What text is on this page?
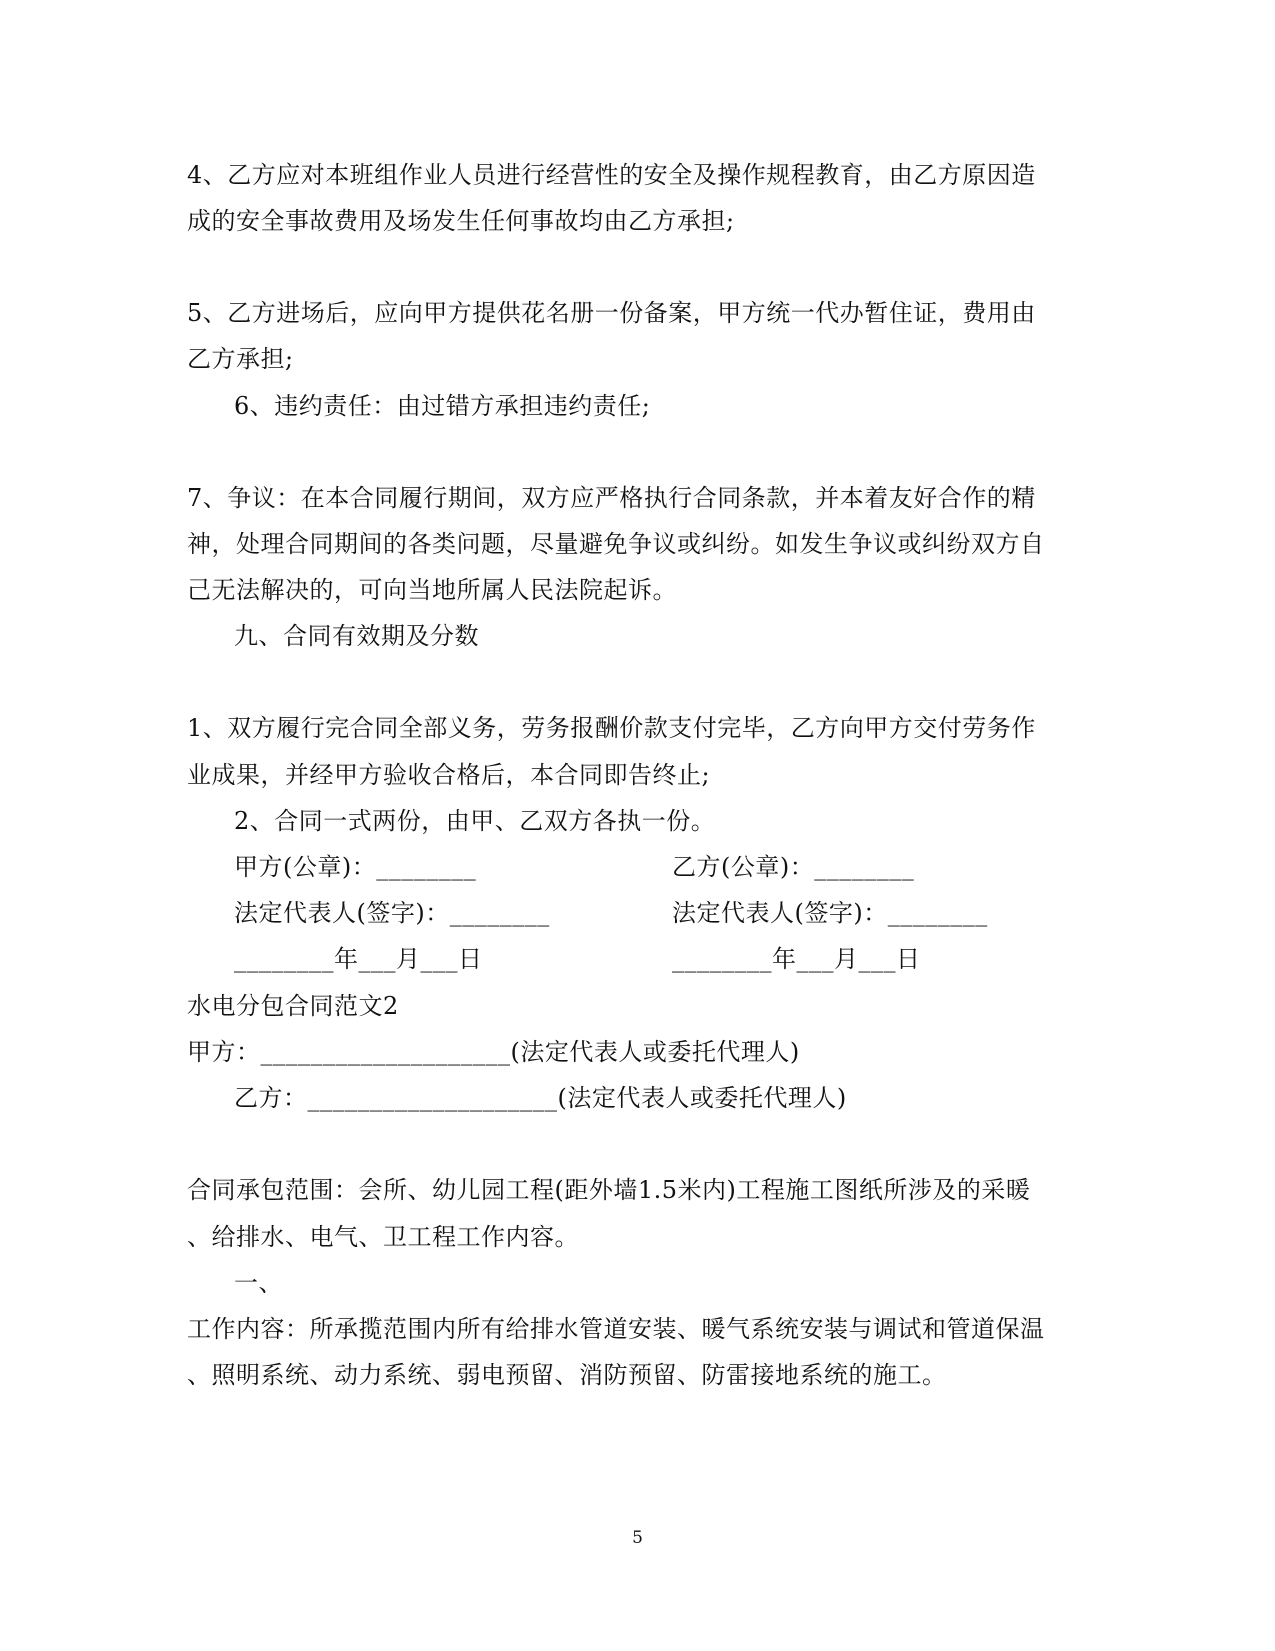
4、乙方应对本班组作业人员进行经营性的安全及操作规程教育，由乙方原因造
成的安全事故费用及场发生任何事故均由乙方承担;
5、乙方进场后，应向甲方提供花名册一份备案，甲方统一代办暂住证，费用由
乙方承担;
6、违约责任：由过错方承担违约责任;
7、争议：在本合同履行期间，双方应严格执行合同条款，并本着友好合作的精
神，处理合同期间的各类问题，尽量避免争议或纠纷。如发生争议或纠纷双方自
己无法解决的，可向当地所属人民法院起诉。
九、合同有效期及分数
1、双方履行完合同全部义务，劳务报酬价款支付完毕，乙方向甲方交付劳务作
业成果，并经甲方验收合格后，本合同即告终止;
2、合同一式两份，由甲、乙双方各执一份。
甲方(公章)：________	乙方(公章)：________
法定代表人(签字)：________	法定代表人(签字)：________
________年___月___日	________年___月___日
水电分包合同范文2
甲方：____________________(法定代表人或委托代理人)
乙方：____________________(法定代表人或委托代理人)
合同承包范围：会所、幼儿园工程(距外墙1.5米内)工程施工图纸所涉及的采暖
、给排水、电气、卫工程工作内容。
一、
工作内容：所承揽范围内所有给排水管道安装、暖气系统安装与调试和管道保温
、照明系统、动力系统、弱电预留、消防预留、防雷接地系统的施工。
5
